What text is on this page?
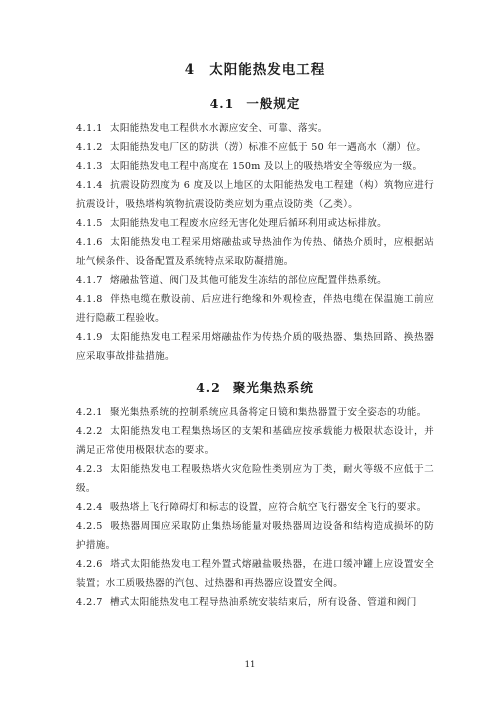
4 太阳能热发电工程
4.1 一般规定

4.1.1 太阳能热发电工程供水水源应安全、可靠、落实。

4.1.2 太阳能热发电厂区的防洪（涝）标准不应低于 50 年一遇高水（潮）位。

4.1.3 太阳能热发电工程中高度在 150m 及以上的吸热塔安全等级应为一级。

4.1.4 抗震设防烈度为 6 度及以上地区的太阳能热发电工程建（构）筑物应进行抗震设计，吸热塔构筑物抗震设防类应划为重点设防类（乙类）。

4.1.5 太阳能热发电工程废水应经无害化处理后循环利用或达标排放。

4.1.6 太阳能热发电工程采用熔融盐或导热油作为传热、储热介质时，应根据站址气候条件、设备配置及系统特点采取防凝措施。

4.1.7 熔融盐管道、阀门及其他可能发生冻结的部位应配置伴热系统。

4.1.8 伴热电缆在敷设前、后应进行绝缘和外观检查，伴热电缆在保温施工前应进行隐蔽工程验收。

4.1.9 太阳能热发电工程采用熔融盐作为传热介质的吸热器、集热回路、换热器应采取事故排盐措施。

4.2 聚光集热系统

4.2.1 聚光集热系统的控制系统应具备将定日镜和集热器置于安全姿态的功能。

4.2.2 太阳能热发电工程集热场区的支架和基础应按承载能力极限状态设计，并满足正常使用极限状态的要求。

4.2.3 太阳能热发电工程吸热塔火灾危险性类别应为丁类，耐火等级不应低于二级。

4.2.4 吸热塔上飞行障碍灯和标志的设置，应符合航空飞行器安全飞行的要求。

4.2.5 吸热器周围应采取防止集热场能量对吸热器周边设备和结构造成损坏的防护措施。

4.2.6 塔式太阳能热发电工程外置式熔融盐吸热器，在进口缓冲罐上应设置安全装置；水工质吸热器的汽包、过热器和再热器应设置安全阀。

4.2.7 槽式太阳能热发电工程导热油系统安装结束后，所有设备、管道和阀门

11
